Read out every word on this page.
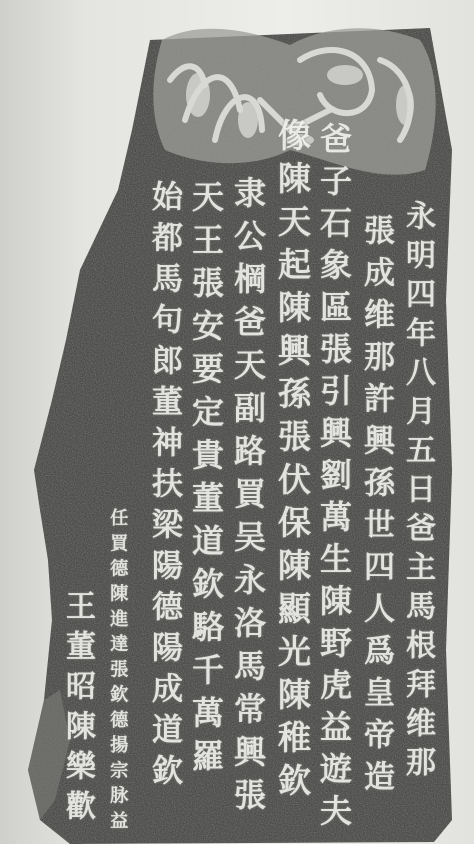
永明四年八月五日爸主馬根拜维那
張成维那許興孫世四人爲皇帝造
爸子石象區張引興劉萬生陳野虎益遊夫
像陳天起陳興孫張伏保陳顯光陳稚欽
隶公棡爸天副路買吴永洛馬常興張
天王張安要定貴董道欽駱千萬羅
始都馬句郎董神扶梁陽德陽成道欽
任買德陳進達張欽德揚宗脉益
王董昭陳樂歡
